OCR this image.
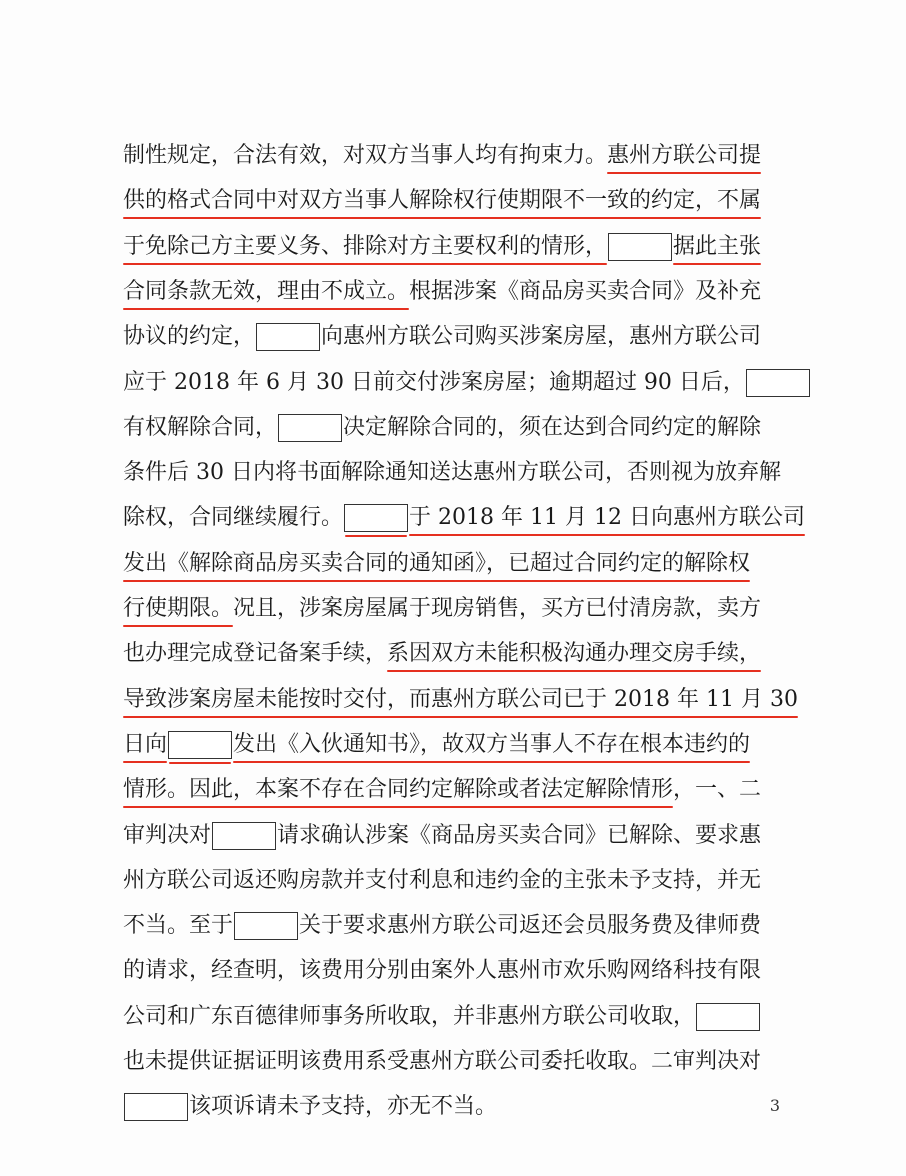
制性规定，合法有效，对双方当事人均有拘束力。惠州方联公司提
供的格式合同中对双方当事人解除权行使期限不一致的约定，不属
于免除己方主要义务、排除对方主要权利的情形，	据此主张
合同条款无效，理由不成立。根据涉案《商品房买卖合同》及补充
协议的约定，	向惠州方联公司购买涉案房屋，惠州方联公司
应于 2018 年 6 月 30 日前交付涉案房屋；逾期超过 90 日后，
有权解除合同，	决定解除合同的，须在达到合同约定的解除
条件后 30 日内将书面解除通知送达惠州方联公司，否则视为放弃解
除权，合同继续履行。	于 2018 年 11 月 12 日向惠州方联公司
发出《解除商品房买卖合同的通知函》，已超过合同约定的解除权
行使期限。况且，涉案房屋属于现房销售，买方已付清房款，卖方
也办理完成登记备案手续，系因双方未能积极沟通办理交房手续，
导致涉案房屋未能按时交付，而惠州方联公司已于 2018 年 11 月 30
日向	发出《入伙通知书》，故双方当事人不存在根本违约的
情形。因此，本案不存在合同约定解除或者法定解除情形，一、二
审判决对	请求确认涉案《商品房买卖合同》已解除、要求惠
州方联公司返还购房款并支付利息和违约金的主张未予支持，并无
不当。至于	关于要求惠州方联公司返还会员服务费及律师费
的请求，经查明，该费用分别由案外人惠州市欢乐购网络科技有限
公司和广东百德律师事务所收取，并非惠州方联公司收取，
也未提供证据证明该费用系受惠州方联公司委托收取。二审判决对
该项诉请未予支持，亦无不当。	3
